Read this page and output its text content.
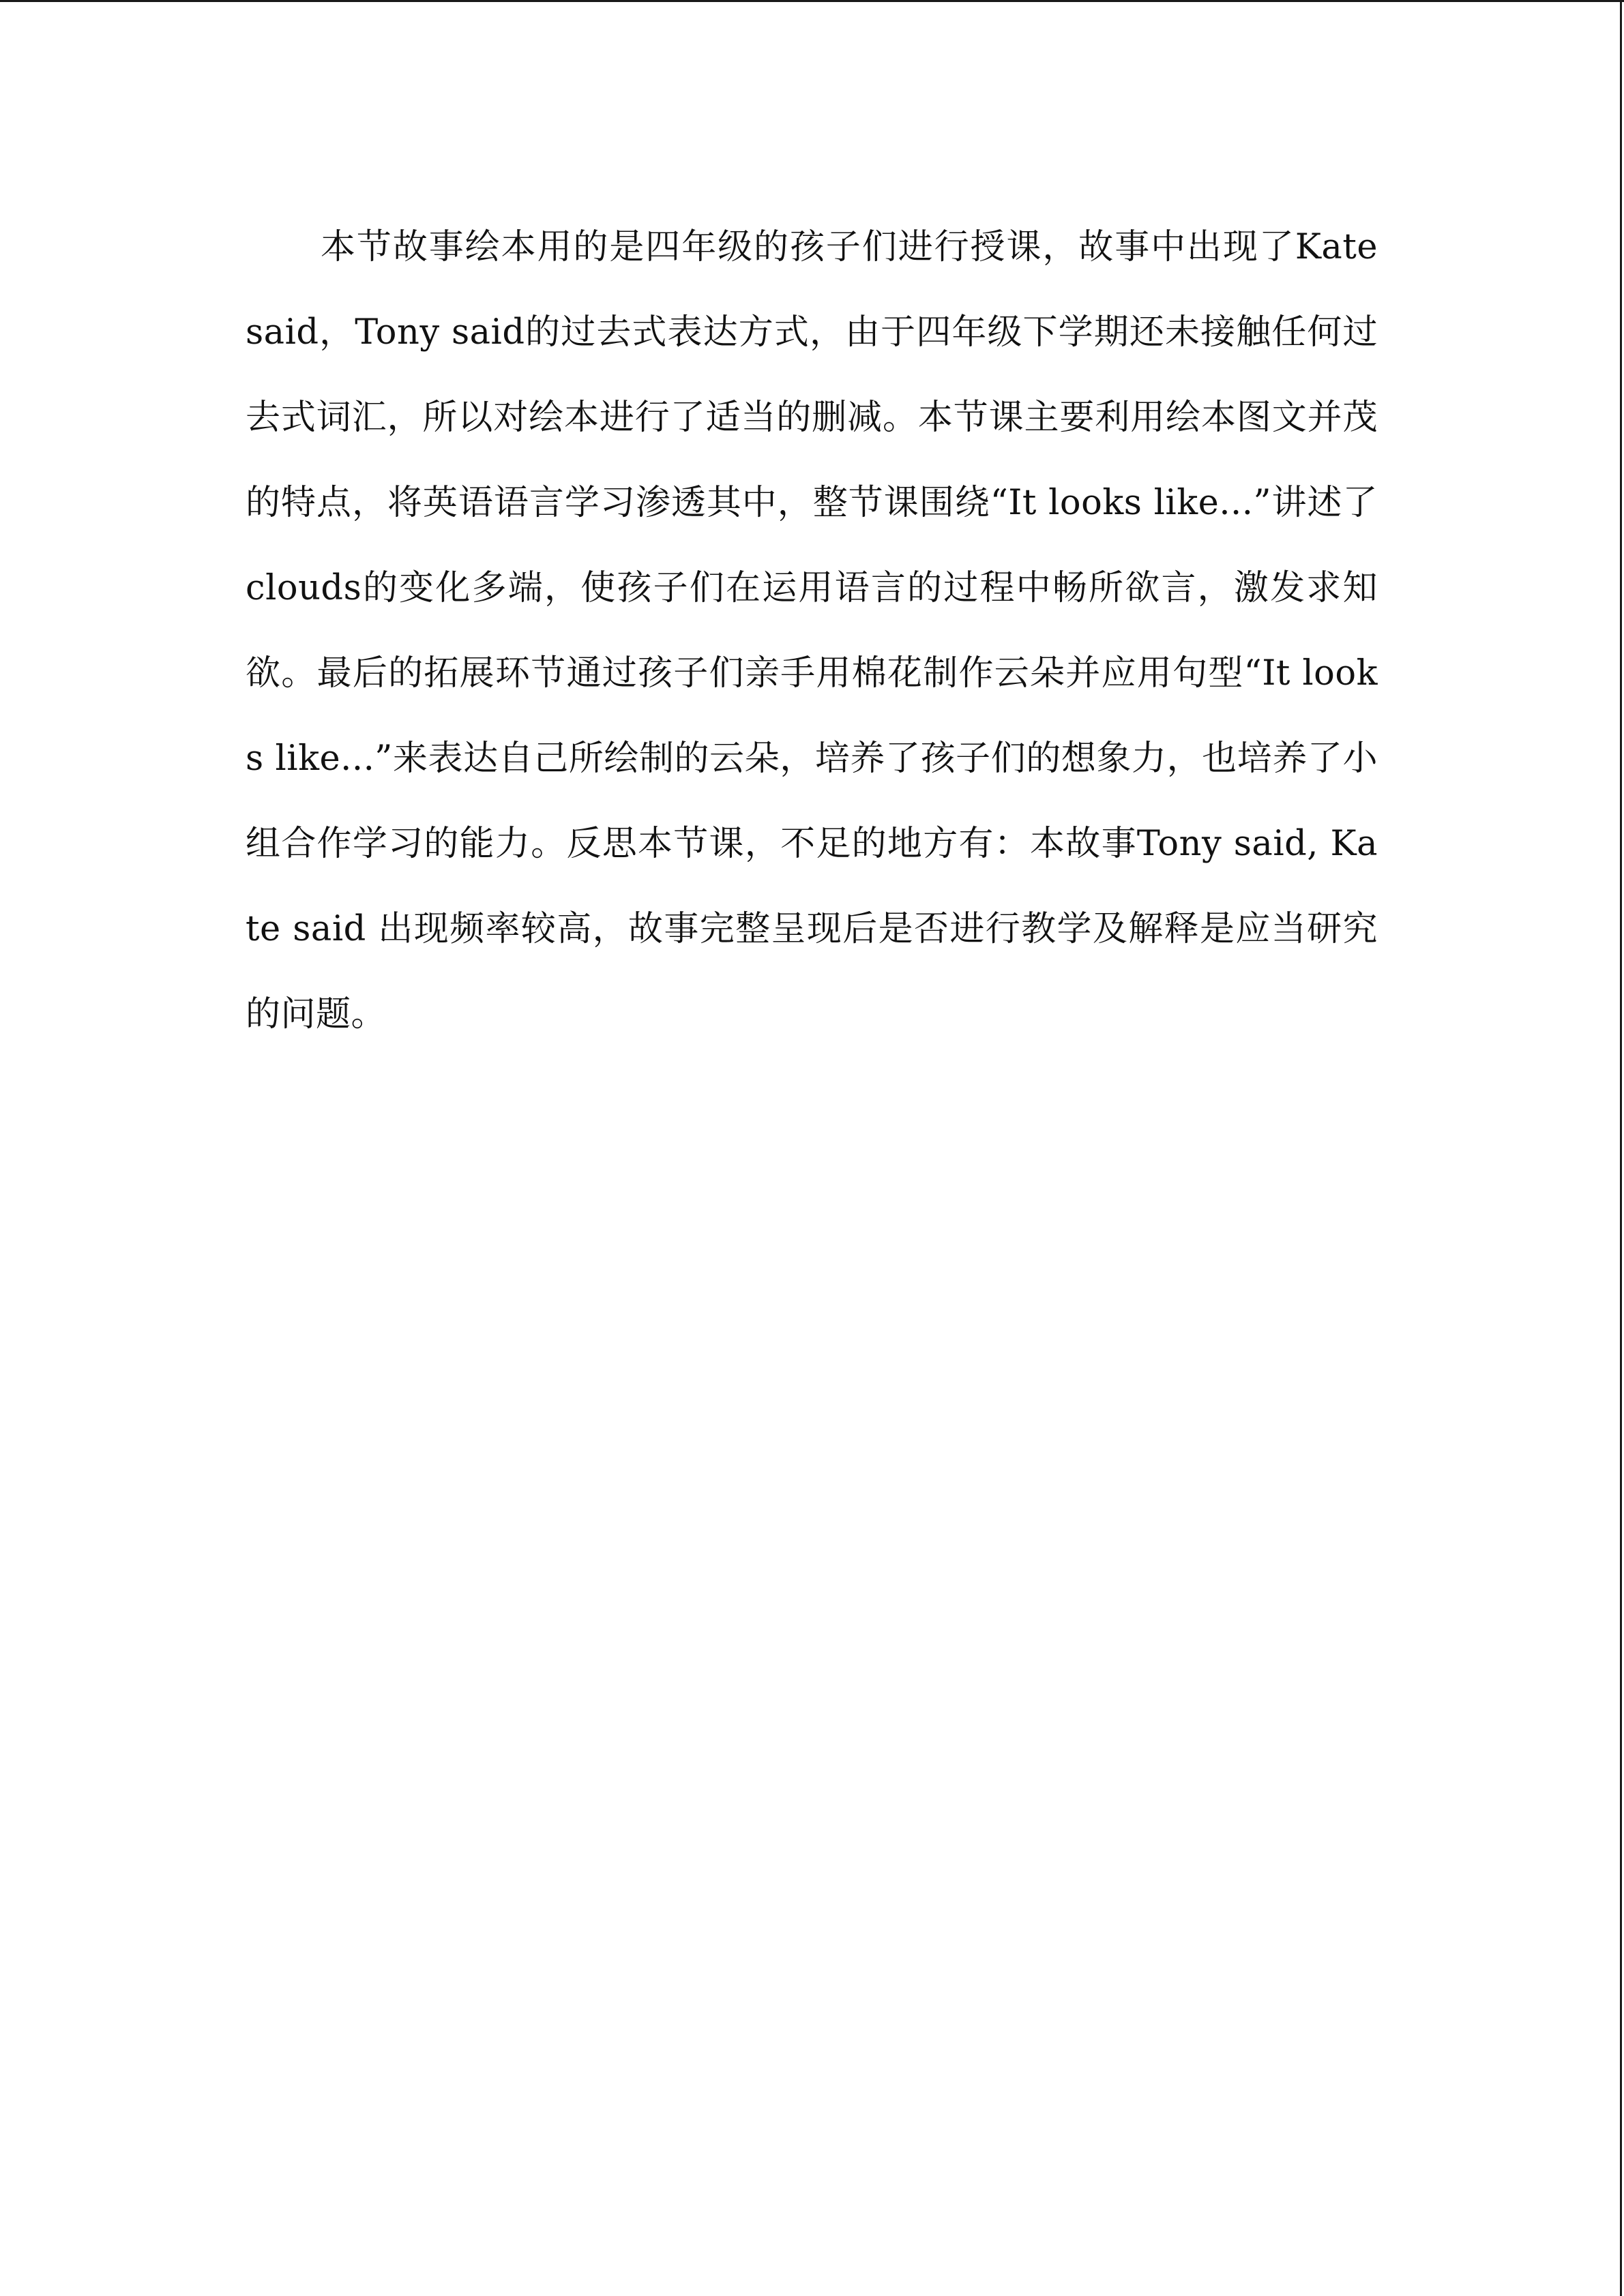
本节故事绘本用的是四年级的孩子们进行授课，故事中出现了Kate said，Tony said的过去式表达方式，由于四年级下学期还未接触任何过去式词汇，所以对绘本进行了适当的删减。本节课主要利用绘本图文并茂的特点，将英语语言学习渗透其中，整节课围绕“It looks like...”讲述了clouds的变化多端，使孩子们在运用语言的过程中畅所欲言，激发求知欲。最后的拓展环节通过孩子们亲手用棉花制作云朵并应用句型“It looks like...”来表达自己所绘制的云朵，培养了孩子们的想象力，也培养了小组合作学习的能力。反思本节课，不足的地方有：本故事Tony said, Kate said 出现频率较高，故事完整呈现后是否进行教学及解释是应当研究的问题。
